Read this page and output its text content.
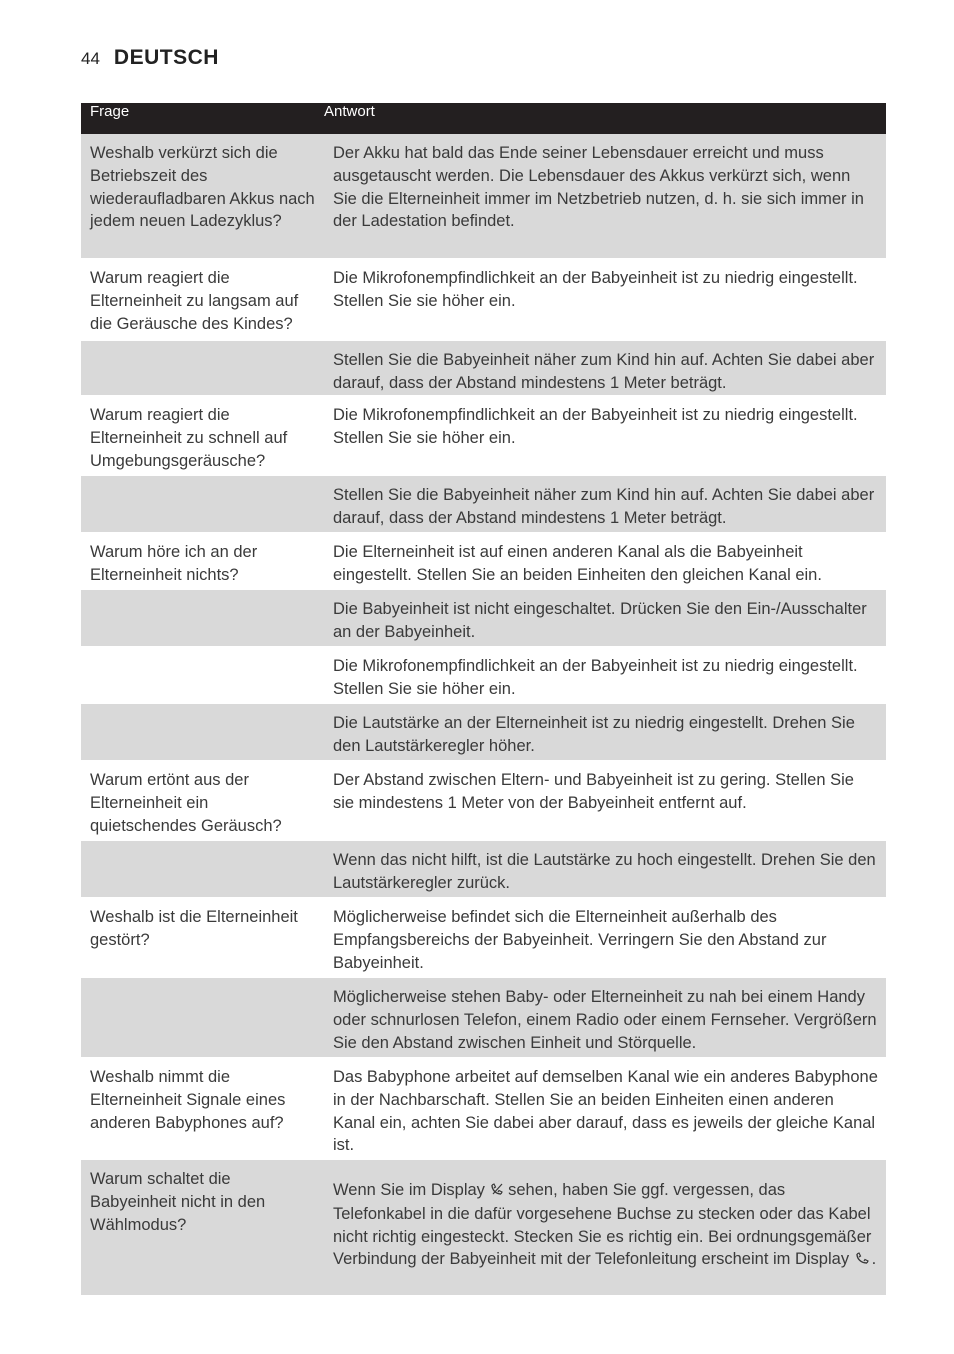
44 DEUTSCH
Frage	Antwort
Weshalb verkürzt sich die Betriebszeit des wiederaufladbaren Akkus nach jedem neuen Ladezyklus?
Der Akku hat bald das Ende seiner Lebensdauer erreicht und muss ausgetauscht werden. Die Lebensdauer des Akkus verkürzt sich, wenn Sie die Elterneinheit immer im Netzbetrieb nutzen, d. h. sie sich immer in der Ladestation befindet.
Warum reagiert die Elterneinheit zu langsam auf die Geräusche des Kindes?
Die Mikrofonempfindlichkeit an der Babyeinheit ist zu niedrig eingestellt. Stellen Sie sie höher ein.
Stellen Sie die Babyeinheit näher zum Kind hin auf. Achten Sie dabei aber darauf, dass der Abstand mindestens 1 Meter beträgt.
Warum reagiert die Elterneinheit zu schnell auf Umgebungsgeräusche?
Die Mikrofonempfindlichkeit an der Babyeinheit ist zu niedrig eingestellt. Stellen Sie sie höher ein.
Stellen Sie die Babyeinheit näher zum Kind hin auf. Achten Sie dabei aber darauf, dass der Abstand mindestens 1 Meter beträgt.
Warum höre ich an der Elterneinheit nichts?
Die Elterneinheit ist auf einen anderen Kanal als die Babyeinheit eingestellt. Stellen Sie an beiden Einheiten den gleichen Kanal ein.
Die Babyeinheit ist nicht eingeschaltet. Drücken Sie den Ein-/Ausschalter an der Babyeinheit.
Die Mikrofonempfindlichkeit an der Babyeinheit ist zu niedrig eingestellt. Stellen Sie sie höher ein.
Die Lautstärke an der Elterneinheit ist zu niedrig eingestellt. Drehen Sie den Lautstärkeregler höher.
Warum ertönt aus der Elterneinheit ein quietschendes Geräusch?
Der Abstand zwischen Eltern- und Babyeinheit ist zu gering. Stellen Sie sie mindestens 1 Meter von der Babyeinheit entfernt auf.
Wenn das nicht hilft, ist die Lautstärke zu hoch eingestellt. Drehen Sie den Lautstärkeregler zurück.
Weshalb ist die Elterneinheit gestört?
Möglicherweise befindet sich die Elterneinheit außerhalb des Empfangsbereichs der Babyeinheit. Verringern Sie den Abstand zur Babyeinheit.
Möglicherweise stehen Baby- oder Elterneinheit zu nah bei einem Handy oder schnurlosen Telefon, einem Radio oder einem Fernseher. Vergrößern Sie den Abstand zwischen Einheit und Störquelle.
Weshalb nimmt die Elterneinheit Signale eines anderen Babyphones auf?
Das Babyphone arbeitet auf demselben Kanal wie ein anderes Babyphone in der Nachbarschaft. Stellen Sie an beiden Einheiten einen anderen Kanal ein, achten Sie dabei aber darauf, dass es jeweils der gleiche Kanal ist.
Warum schaltet die Babyeinheit nicht in den Wählmodus?
Wenn Sie im Display sehen, haben Sie ggf. vergessen, das Telefonkabel in die dafür vorgesehene Buchse zu stecken oder das Kabel nicht richtig eingesteckt. Stecken Sie es richtig ein. Bei ordnungsgemäßer Verbindung der Babyeinheit mit der Telefonleitung erscheint im Display .
